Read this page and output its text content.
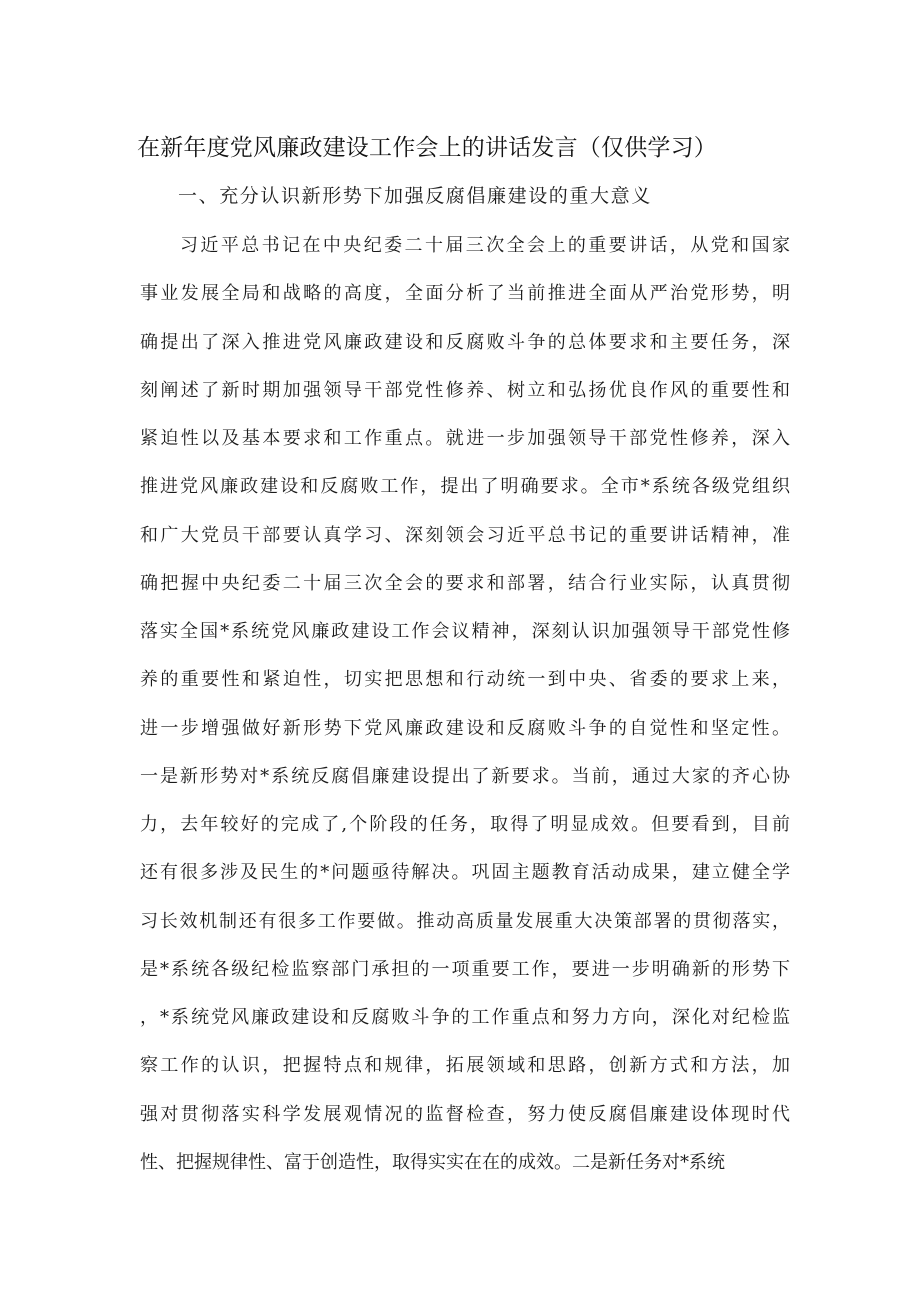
在新年度党风廉政建设工作会上的讲话发言（仅供学习）
一、充分认识新形势下加强反腐倡廉建设的重大意义
习近平总书记在中央纪委二十届三次全会上的重要讲话，从党和国家
事业发展全局和战略的高度，全面分析了当前推进全面从严治党形势，明
确提出了深入推进党风廉政建设和反腐败斗争的总体要求和主要任务，深
刻阐述了新时期加强领导干部党性修养、树立和弘扬优良作风的重要性和
紧迫性以及基本要求和工作重点。就进一步加强领导干部党性修养，深入
推进党风廉政建设和反腐败工作，提出了明确要求。全市*系统各级党组织
和广大党员干部要认真学习、深刻领会习近平总书记的重要讲话精神，准
确把握中央纪委二十届三次全会的要求和部署，结合行业实际，认真贯彻
落实全国*系统党风廉政建设工作会议精神，深刻认识加强领导干部党性修
养的重要性和紧迫性，切实把思想和行动统一到中央、省委的要求上来，
进一步增强做好新形势下党风廉政建设和反腐败斗争的自觉性和坚定性。
一是新形势对*系统反腐倡廉建设提出了新要求。当前，通过大家的齐心协
力，去年较好的完成了,个阶段的任务，取得了明显成效。但要看到，目前
还有很多涉及民生的*问题亟待解决。巩固主题教育活动成果，建立健全学
习长效机制还有很多工作要做。推动高质量发展重大决策部署的贯彻落实，
是*系统各级纪检监察部门承担的一项重要工作，要进一步明确新的形势下
，*系统党风廉政建设和反腐败斗争的工作重点和努力方向，深化对纪检监
察工作的认识，把握特点和规律，拓展领域和思路，创新方式和方法，加
强对贯彻落实科学发展观情况的监督检查，努力使反腐倡廉建设体现时代
性、把握规律性、富于创造性，取得实实在在的成效。二是新任务对*系统
